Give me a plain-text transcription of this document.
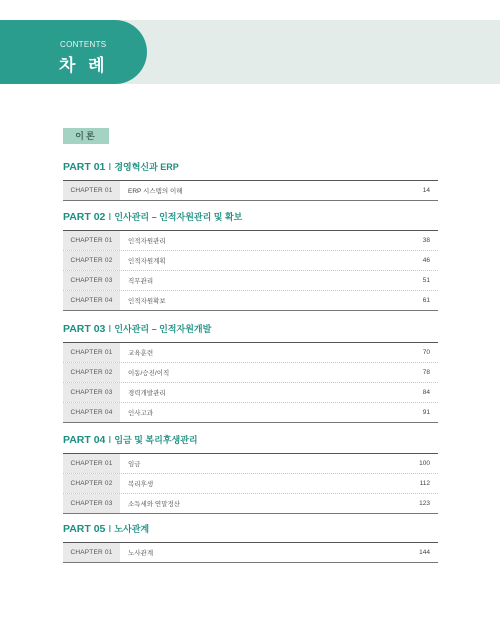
CONTENTS
차 례
이론
PART 01 I 경영혁신과 ERP
CHAPTER 01	ERP 시스템의 이해	14
PART 02 I 인사관리 – 인적자원관리 및 확보
CHAPTER 01	인적자원관리	38
CHAPTER 02	인적자원계획	46
CHAPTER 03	직무관리	51
CHAPTER 04	인적자원확보	61
PART 03 I 인사관리 – 인적자원개발
CHAPTER 01	교육훈련	70
CHAPTER 02	이동/승진/이직	78
CHAPTER 03	경력개발관리	84
CHAPTER 04	인사고과	91
PART 04 I 임금 및 복리후생관리
CHAPTER 01	임금	100
CHAPTER 02	복리후생	112
CHAPTER 03	소득세와 연말정산	123
PART 05 I 노사관계
CHAPTER 01	노사관계	144
